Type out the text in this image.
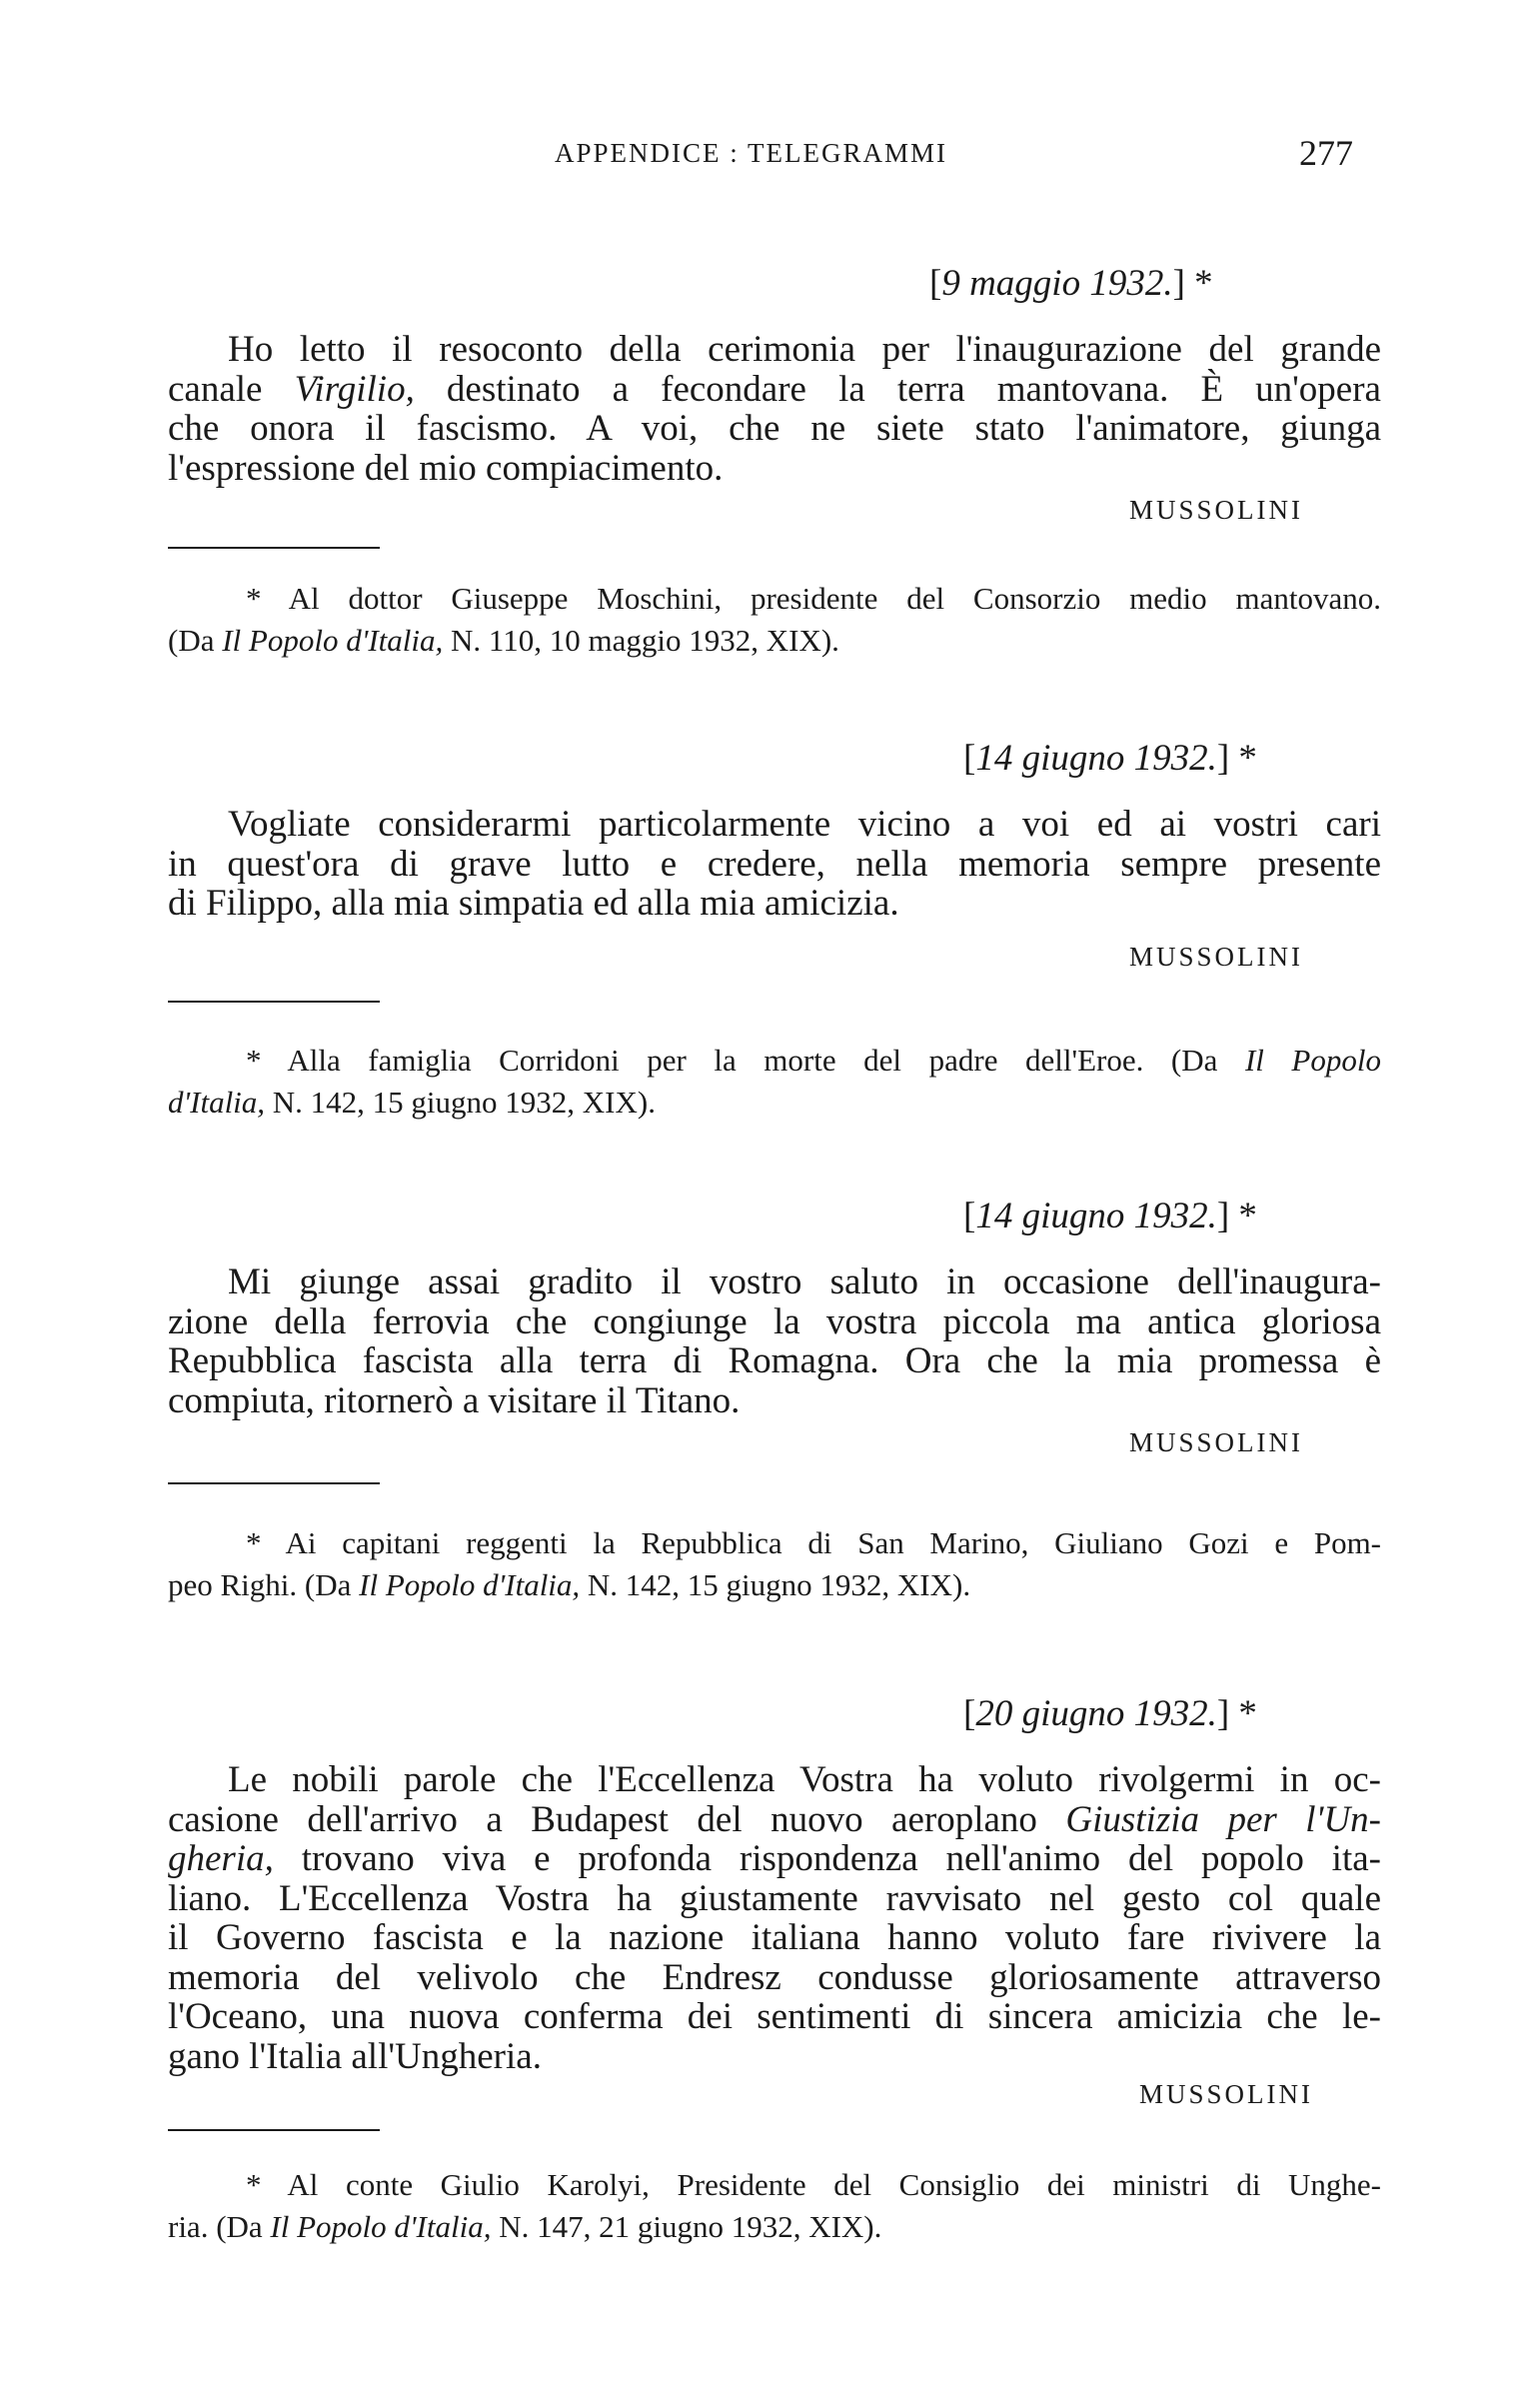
APPENDICE : TELEGRAMMI	277
[9 maggio 1932.] *
Ho letto il resoconto della cerimonia per l'inaugurazione del grande
canale Virgilio, destinato a fecondare la terra mantovana. È un'opera
che onora il fascismo. A voi, che ne siete stato l'animatore, giunga
l'espressione del mio compiacimento.
MUSSOLINI
* Al dottor Giuseppe Moschini, presidente del Consorzio medio mantovano.
(Da Il Popolo d'Italia, N. 110, 10 maggio 1932, XIX).
[14 giugno 1932.] *
Vogliate considerarmi particolarmente vicino a voi ed ai vostri cari
in quest'ora di grave lutto e credere, nella memoria sempre presente
di Filippo, alla mia simpatia ed alla mia amicizia.
MUSSOLINI
* Alla famiglia Corridoni per la morte del padre dell'Eroe. (Da Il Popolo
d'Italia, N. 142, 15 giugno 1932, XIX).
[14 giugno 1932.] *
Mi giunge assai gradito il vostro saluto in occasione dell'inaugura-
zione della ferrovia che congiunge la vostra piccola ma antica gloriosa
Repubblica fascista alla terra di Romagna. Ora che la mia promessa è
compiuta, ritornerò a visitare il Titano.
MUSSOLINI
* Ai capitani reggenti la Repubblica di San Marino, Giuliano Gozi e Pom-
peo Righi. (Da Il Popolo d'Italia, N. 142, 15 giugno 1932, XIX).
[20 giugno 1932.] *
Le nobili parole che l'Eccellenza Vostra ha voluto rivolgermi in oc-
casione dell'arrivo a Budapest del nuovo aeroplano Giustizia per l'Un-
gheria, trovano viva e profonda rispondenza nell'animo del popolo ita-
liano. L'Eccellenza Vostra ha giustamente ravvisato nel gesto col quale
il Governo fascista e la nazione italiana hanno voluto fare rivivere la
memoria del velivolo che Endresz condusse gloriosamente attraverso
l'Oceano, una nuova conferma dei sentimenti di sincera amicizia che le-
gano l'Italia all'Ungheria.
MUSSOLINI
* Al conte Giulio Karolyi, Presidente del Consiglio dei ministri di Unghe-
ria. (Da Il Popolo d'Italia, N. 147, 21 giugno 1932, XIX).
